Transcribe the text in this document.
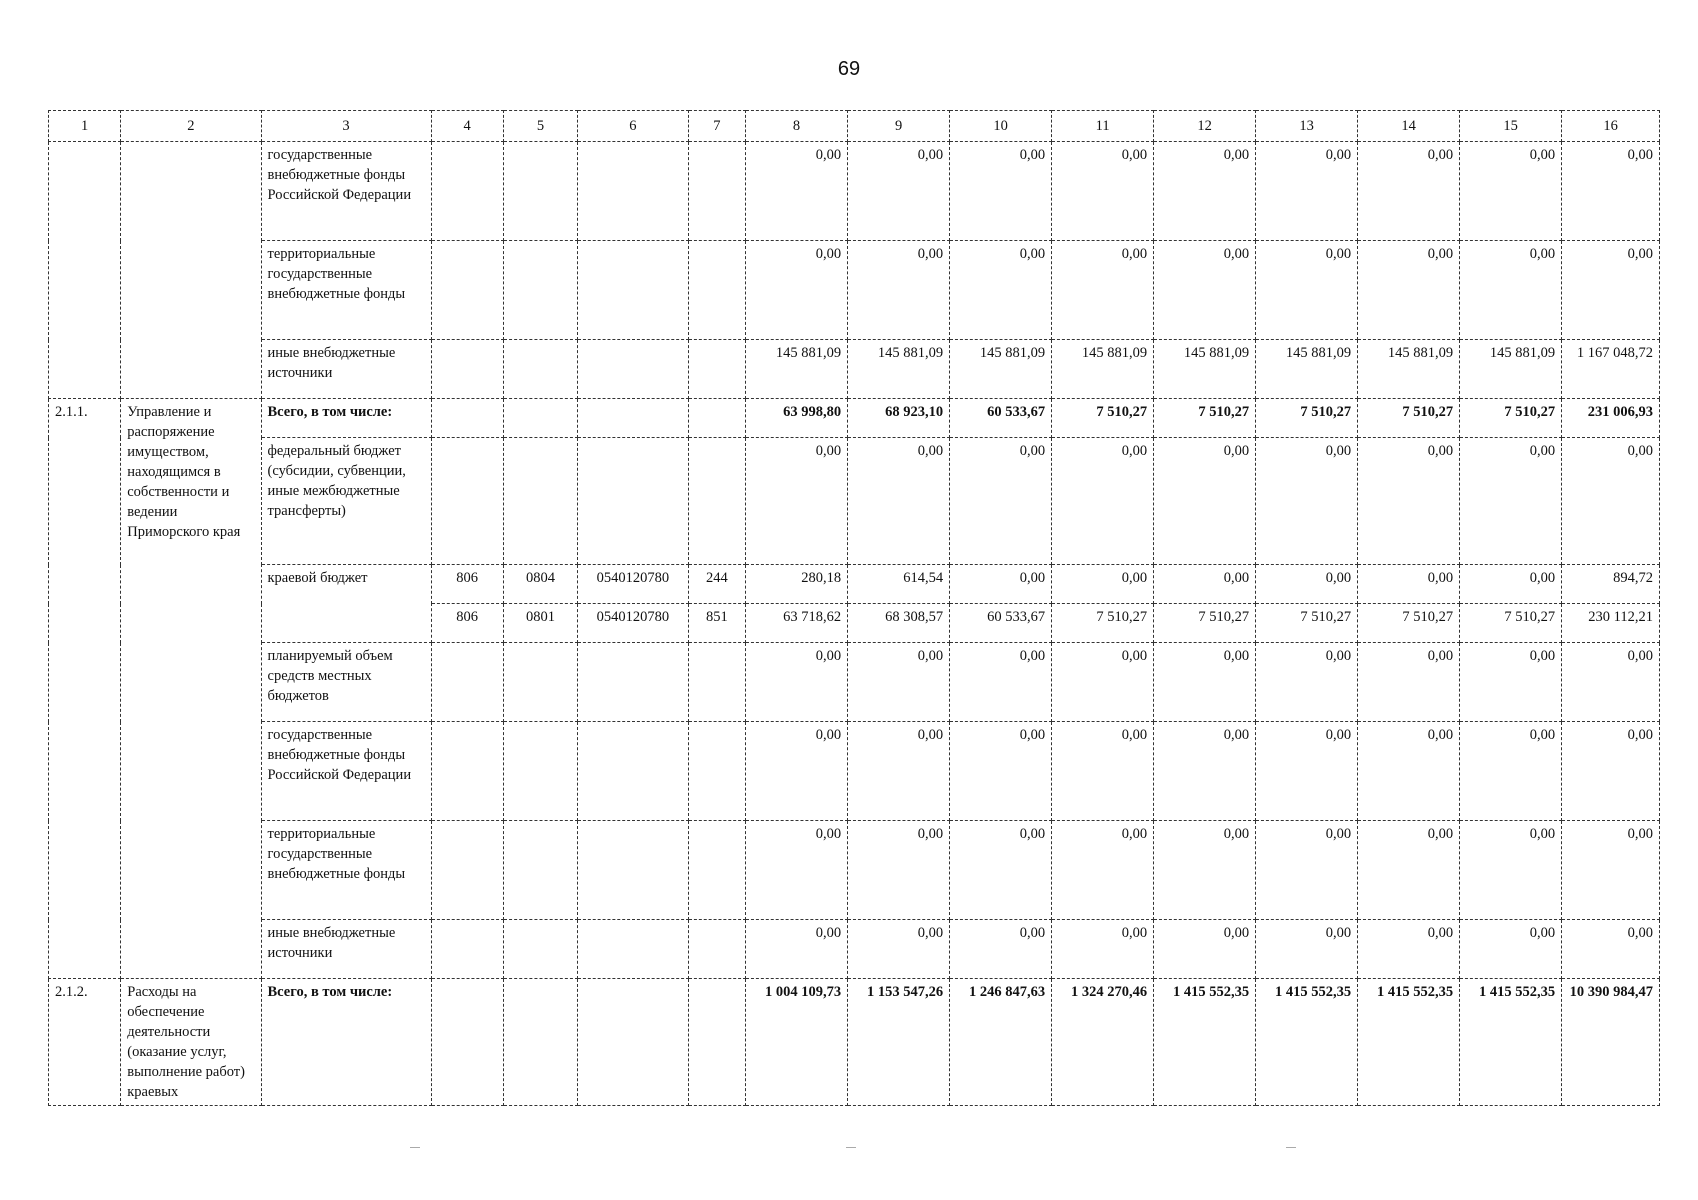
69
1	2	3	4	5	6	7	8	9	10	11	12	13	14	15	16
		государственные внебюджетные фонды Российской Федерации					0,00	0,00	0,00	0,00	0,00	0,00	0,00	0,00	0,00
		территориальные государственные внебюджетные фонды					0,00	0,00	0,00	0,00	0,00	0,00	0,00	0,00	0,00
		иные внебюджетные источники					145 881,09	145 881,09	145 881,09	145 881,09	145 881,09	145 881,09	145 881,09	145 881,09	1 167 048,72
2.1.1.	Управление и распоряжение имуществом, находящимся в собственности и ведении Приморского края	Всего, в том числе:					63 998,80	68 923,10	60 533,67	7 510,27	7 510,27	7 510,27	7 510,27	7 510,27	231 006,93
		федеральный бюджет (субсидии, субвенции, иные межбюджетные трансферты)					0,00	0,00	0,00	0,00	0,00	0,00	0,00	0,00	0,00
		краевой бюджет	806	0804	0540120780	244	280,18	614,54	0,00	0,00	0,00	0,00	0,00	0,00	894,72
			806	0801	0540120780	851	63 718,62	68 308,57	60 533,67	7 510,27	7 510,27	7 510,27	7 510,27	7 510,27	230 112,21
		планируемый объем средств местных бюджетов					0,00	0,00	0,00	0,00	0,00	0,00	0,00	0,00	0,00
		государственные внебюджетные фонды Российской Федерации					0,00	0,00	0,00	0,00	0,00	0,00	0,00	0,00	0,00
		территориальные государственные внебюджетные фонды					0,00	0,00	0,00	0,00	0,00	0,00	0,00	0,00	0,00
		иные внебюджетные источники					0,00	0,00	0,00	0,00	0,00	0,00	0,00	0,00	0,00
2.1.2.	Расходы на обеспечение деятельности (оказание услуг, выполнение работ) краевых	Всего, в том числе:					1 004 109,73	1 153 547,26	1 246 847,63	1 324 270,46	1 415 552,35	1 415 552,35	1 415 552,35	1 415 552,35	10 390 984,47
